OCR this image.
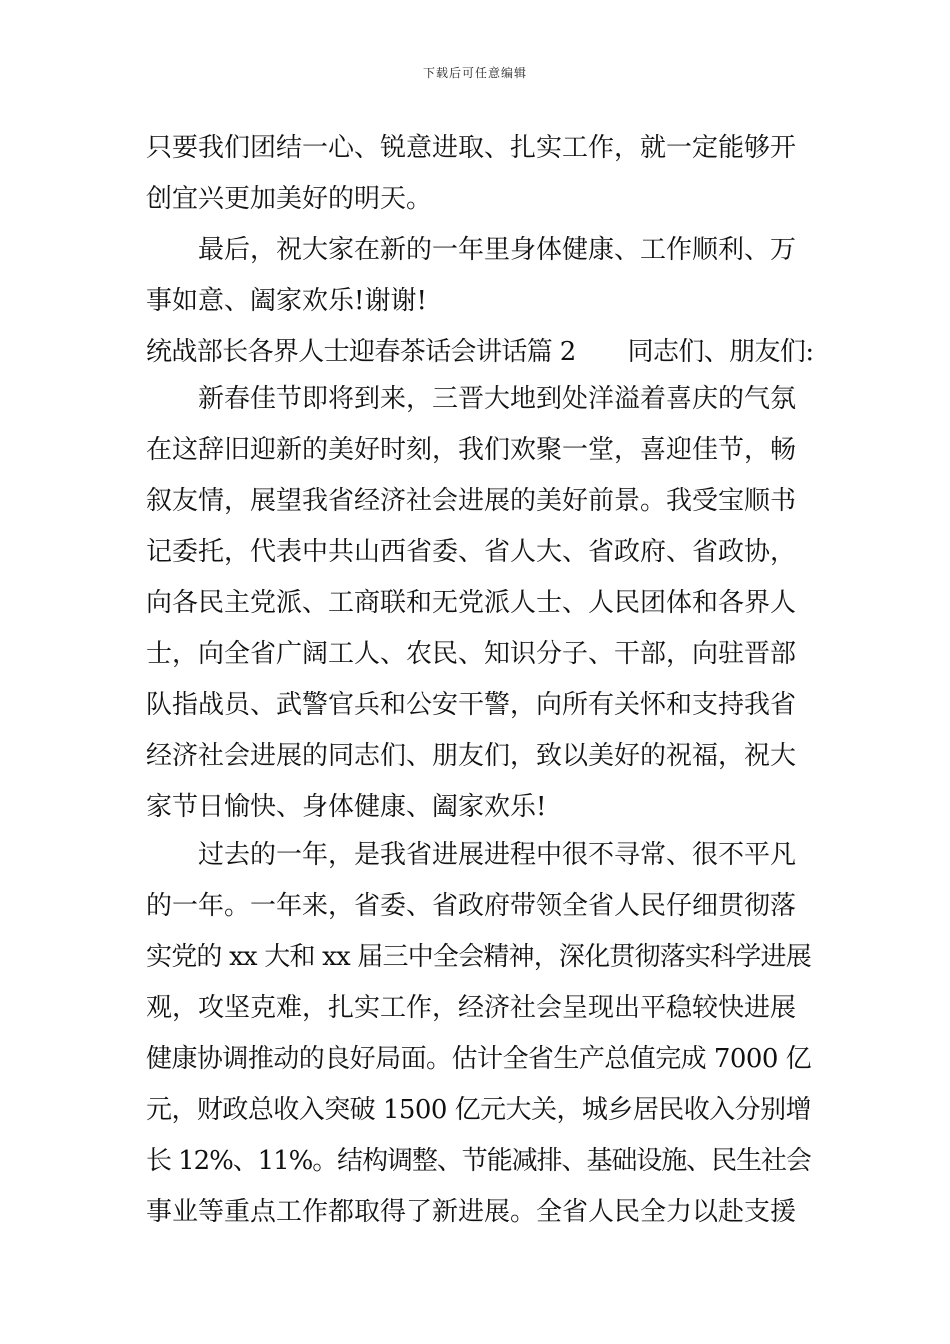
下载后可任意编辑
只要我们团结一心、锐意进取、扎实工作，就一定能够开
创宜兴更加美好的明天。
最后，祝大家在新的一年里身体健康、工作顺利、万
事如意、阖家欢乐!谢谢!
统战部长各界人士迎春茶话会讲话篇 2 同志们、朋友们:
新春佳节即将到来，三晋大地到处洋溢着喜庆的气氛
在这辞旧迎新的美好时刻，我们欢聚一堂，喜迎佳节，畅
叙友情，展望我省经济社会进展的美好前景。我受宝顺书
记委托，代表中共山西省委、省人大、省政府、省政协，
向各民主党派、工商联和无党派人士、人民团体和各界人
士，向全省广阔工人、农民、知识分子、干部，向驻晋部
队指战员、武警官兵和公安干警，向所有关怀和支持我省
经济社会进展的同志们、朋友们，致以美好的祝福，祝大
家节日愉快、身体健康、阖家欢乐!
过去的一年，是我省进展进程中很不寻常、很不平凡
的一年。一年来，省委、省政府带领全省人民仔细贯彻落
实党的 xx 大和 xx 届三中全会精神，深化贯彻落实科学进展
观，攻坚克难，扎实工作，经济社会呈现出平稳较快进展
健康协调推动的良好局面。估计全省生产总值完成 7000 亿
元，财政总收入突破 1500 亿元大关，城乡居民收入分别增
长 12%、11%。结构调整、节能减排、基础设施、民生社会
事业等重点工作都取得了新进展。全省人民全力以赴支援
